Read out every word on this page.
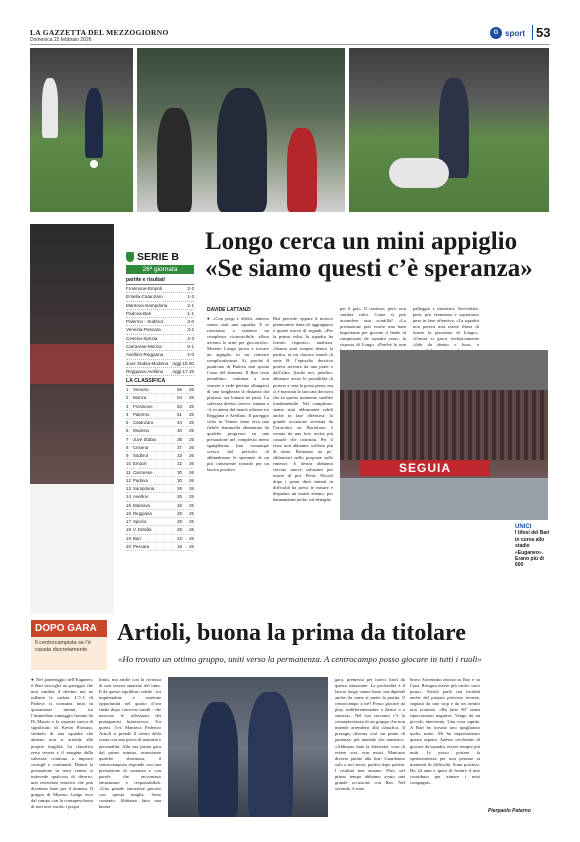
LA GAZZETTA DEL MEZZOGIORNO
Domenica 22 febbraio 2026
G sport 53
SERIE B
26ª giornata
partite e risultati
Frosinone-Empoli	2-2
Entella-Catanzaro	1-3
Mantova-Sampdoria	2-1
Padova-Bari	1-1
Palermo - Südtirol	3-0
Venezia-Pescara	3-2
Cesena-Spezia	2-3
Carrarese-Monza	0-1
Avellino-Reggiana	2-0
Juve Stabia-Modena oggi 15.00
Reggiana-Avellino oggi 17.15
LA CLASSIFICA
1	Venezia	56	26
2	Monza	54	26
3	Frosinone	53	26
4	Palermo	51	26
5	Catanzaro	44	26
6	Modena	40	25
7	Juve Stabia	38	25
8	Cesena	37	26
9	Südtirol	33	26
10 Empoli	32	26
11 Carrarese	30	26
12 Padova	30	26
13 Sampdoria	26	26
14 Avellino	26	25
15 Mantova	26	26
16 Reggiana	25	25
17 Spezia	25	26
18 V. Entella	25	26
19 Bari	22	26
20 Pescara	18	26
Longo cerca un mini appiglio
«Se siamo questi c’è speranza»
DAVIDE LATTANZI
● «Con pregi e difetti, almeno siamo stati una squadra. E se riusciamo a ottenere un complesso riconoscibile, allora avremo le armi per giocarcela». Moreno Longo prova a trovare un appiglio in un contesto complicatissimo. Si, perché il punticino di Padova non sposta l’asse del dramma. Il Bari resta penultimo, continua a non vincere e vede persino allungarsi di una lunghezza la distanza dai playout, ora lontani tre passi. La salvezza diretta, invece, rimane a -4, in attesa del match odierno tra Reggiana e Avellino. Il pareggio colto in Veneto tiene viva una flebile fiammella alimentata da qualche progresso su una prestazione nel complesso meno sgangherata (ma comunque scevra dal pericolo di abbandonare le speranze di un più consistente tornado per un lascito positivo.
Bisì precede, eppure il tecnico piemontese tenta di aggrapparsi a quiete tracce di segnali. «Per la prima volta, la squadra ha fornito risposte», analizza. «Siamo stati sempre dentro la partita, in un classico match di serie B: l’episodio decisivo poteva arrivare da una parte o dall’altra. Anche noi, peraltro, abbiamo avuto le possibilità di portare a casa la posta piena, ma ci è mancata la stoccata decisiva che in questo momento sarebbe fondamentale. Nel complesso, siamo stati abbastanza solidi anche in fase difensiva: la grande occasione sventata da Cerofolini su Bortolussi è venuta da una loro uscita più casuale che costruita. Per il resto non abbiamo sofferto più di tanto. Restiamo un po’ sbilanciati nello proposte sulle rimesse. A destra abbiamo cercato nuove soluzioni per essere di più: Pietri, Piccoli dopo i primi dieci minuti in difficoltà ha preso le misure e disputato un match attento, pur dannandomi molto sul dettaglio
per il gol». Il contesto, però, non cambia volto. Come si può accendere una scintilla? «La prestazione può essere una base importante per giocare il finale di campionato da squadra vera», la risposta di Longo. «Perché lo non
palleggio e iniziativa. Servirebbe, però, più veemenza e soprattutto peso in fase offensiva. «La squadra non poteva mai essere libera di tenere la pressione di Longo». «Ormai si gioca esclusivamente «fide da dentro o fuori, e
SEGUIA
UNICI
I tifosi del Bari in curva allo stadio «Euganeo». Erano più di 600
DOPO GARA
Il centrocampista se l’è cavata discretamente
Artioli, buona la prima da titolare
«Ho trovato un ottimo gruppo, uniti verso la permanenza. A centrocampo posso giocare in tutti i ruoli»
● Nel pomeriggio dell’Euganeo, il Bari raccoglie un pareggio che non cambia il destino ma ne rallenta la caduta. L’1-1 di Padova si consuma tutto in quarantasei minuti, tra l’immediato vantaggio firmato da Di Marzio e la risposta carica di significato di Kevin Pitosino, simbolo di una squadra che almeno non si arrende alle proprie fragilità. La classifica resta severa e il margine dalla salvezza continua a imporre consigli e continuità. Dentro la prestazione in terra veneta si intravede qualcosa di diverso, una resistenza emotiva che può diventare base per il domani. Il gruppo di Moreno Longo esce dal campo con la consapevolezza di non aver risolto i propri
limiti, ma anche con la certezza di non essersi smarrito del tutto. E da questo equilibrio sottile - tra inquietudine e reazione opportunità nel quarto d’ora finale dopo i nervosi cambi - che nascono le riflessioni dei protagonisti biancorossi. Tra questi, l’ex Mantova Federico Artioli si prende il centro della scena con una prova di maturità e personalità. Alla sua prima gara dal primo minuto, nonostante qualche sbavatura, il centrocampista risponde con una prestazione di sostanza e con parole che raccontano entusiasmo e responsabilità. «Una grande emozione giocare con questa maglia. Sono contento. Abbiamo fatto una buona
gara, premessa per tirarci fuori da questa situazione. La profondità è il lancio lungo vanno bene, ma dipende anche da come si mette la partita. Il centrocampo a tre? Posso giocare da play, indifferentemente a destra o a sinistra». Nel suo racconto c’è la consapevolezza di un gruppo che non intende arrendersi alla classifica. Il presagio diventa così un punto di partenza, più mentale che numerico. «Abbiamo dato la direzione, cose di essere vivi, non morti. Mancano diverse partite alla fine. Guardiamo solo a noi stessi, partita dopo partita. I risultati non aiutano. Però, nel primo tempo abbiamo avuto una grande occasione con Rao. Nel secondo, è stato
bravo Sorrentino ancora su Rao e su Cuni. Bisogna essere più cattivi sotto porta». Artioli parla con lucidità anche del proprio percorso recente, segnato da uno stop e da un rientro non scontato. «Ho fatto 90’ senza ripercussioni negative. Vengo da un piccolo intervento. Una cosa rapida. A Bari ho trovato uno spogliatoio molto unito. Mi ha impressionato questo aspetto. Adesso cerchiamo di giocare da squadra, essere sempre più uniti. Io posso portare la spensieratezza per non pensare ai momenti di difficoltà. Sono positivo. Ho 24 anni e spero di fornire il mio contributo per aiutare i miei compagni».
Pierpaolo Paterno
